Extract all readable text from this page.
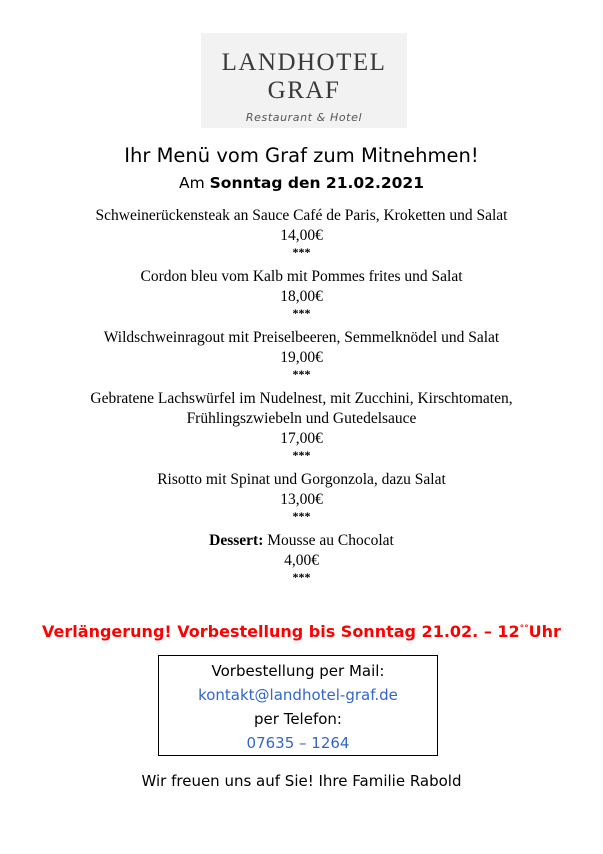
LANDHOTEL
GRAF
Restaurant & Hotel
Ihr Menü vom Graf zum Mitnehmen!
Am Sonntag den 21.02.2021
Schweinerückensteak an Sauce Café de Paris, Kroketten und Salat
14,00€
***
Cordon bleu vom Kalb mit Pommes frites und Salat
18,00€
***
Wildschweinragout mit Preiselbeeren, Semmelknödel und Salat
19,00€
***
Gebratene Lachswürfel im Nudelnest, mit Zucchini, Kirschtomaten,
Frühlingszwiebeln und Gutedelsauce
17,00€
***
Risotto mit Spinat und Gorgonzola, dazu Salat
13,00€
***
Dessert: Mousse au Chocolat
4,00€
***
Verlängerung! Vorbestellung bis Sonntag 21.02. – 12°°Uhr
Vorbestellung per Mail:
kontakt@landhotel-graf.de
per Telefon:
07635 – 1264
Wir freuen uns auf Sie! Ihre Familie Rabold
